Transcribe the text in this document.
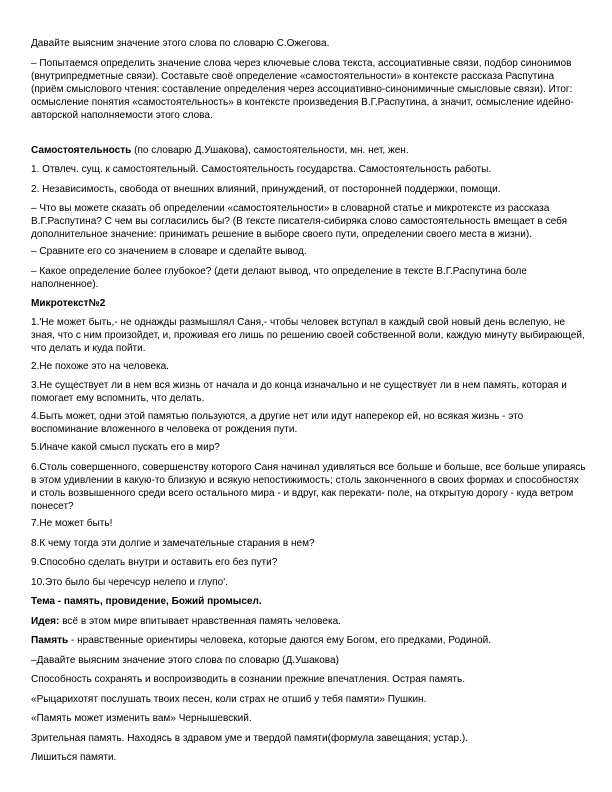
Давайте выясним значение этого слова по словарю С.Ожегова.

– Попытаемся определить значение слова через ключевые слова текста, ассоциативные связи, подбор синонимов (внутрипредметные связи). Составьте своё определение «самостоятельности» в контексте рассказа Распутина (приём смыслового чтения: составление определения через ассоциативно-синонимичные смысловые связи). Итог: осмысление понятия «самостоятельность» в контексте произведения В.Г.Распутина, а значит, осмысление идейно-авторской наполняемости этого слова.

Самостоятельность (по словарю Д.Ушакова), самостоятельности, мн. нет, жен.

1. Отвлеч. сущ. к самостоятельный. Самостоятельность государства. Самостоятельность работы.

2. Независимость, свобода от внешних влияний, принуждений, от посторонней поддержки, помощи.

– Что вы можете сказать об определении «самостоятельности» в словарной статье и микротексте из рассказа В.Г.Распутина? С чем вы согласились бы? (В тексте писателя-сибиряка слово самостоятельность вмещает в себя дополнительное значение: принимать решение в выборе своего пути, определении своего места в жизни).

– Сравните его со значением в словаре и сделайте вывод.

– Какое определение более глубокое? (дети делают вывод, что определение в тексте В.Г.Распутина боле наполненное).

Микротекст№2

1.'Не может быть,- не однажды размышлял Саня,- чтобы человек вступал в каждый свой новый день вслепую, не зная, что с ним произойдет, и, проживая его лишь по решению своей собственной воли, каждую минуту выбирающей, что делать и куда пойти.

2.Не похоже это на человека.

3.Не существует ли в нем вся жизнь от начала и до конца изначально и не существует ли в нем память, которая и помогает ему вспомнить, что делать.

4.Быть может, одни этой памятью пользуются, а другие нет или идут наперекор ей, но всякая жизнь - это воспоминание вложенного в человека от рождения пути.

5.Иначе какой смысл пускать его в мир?

6.Столь совершенного, совершенству которого Саня начинал удивляться все больше и больше, все больше упираясь в этом удивлении в какую-то близкую и всякую непостижимость; столь законченного в своих формах и способностях и столь возвышенного среди всего остального мира - и вдруг, как перекати- поле, на открытую дорогу - куда ветром понесет?

7.Не может быть!

8.К чему тогда эти долгие и замечательные старания в нем?

9.Способно сделать внутри и оставить его без пути?

10.Это было бы черечсур нелепо и глупо'.

Тема - память, провидение, Божий промысел.

Идея: всё в этом мире впитывает нравственная память человека.

Память - нравственные ориентиры человека, которые даются ему Богом, его предками, Родиной.

–Давайте выясним значение этого слова по словарю (Д.Ушакова)

Способность сохранять и воспроизводить в сознании прежние впечатления. Острая память.

«Рыцарихотят послушать твоих песен, коли страх не отшиб у тебя памяти» Пушкин.

«Память может изменить вам» Чернышевский.

Зрительная память. Находясь в здравом уме и твердой памяти(формула завещания; устар.).

Лишиться памяти.
